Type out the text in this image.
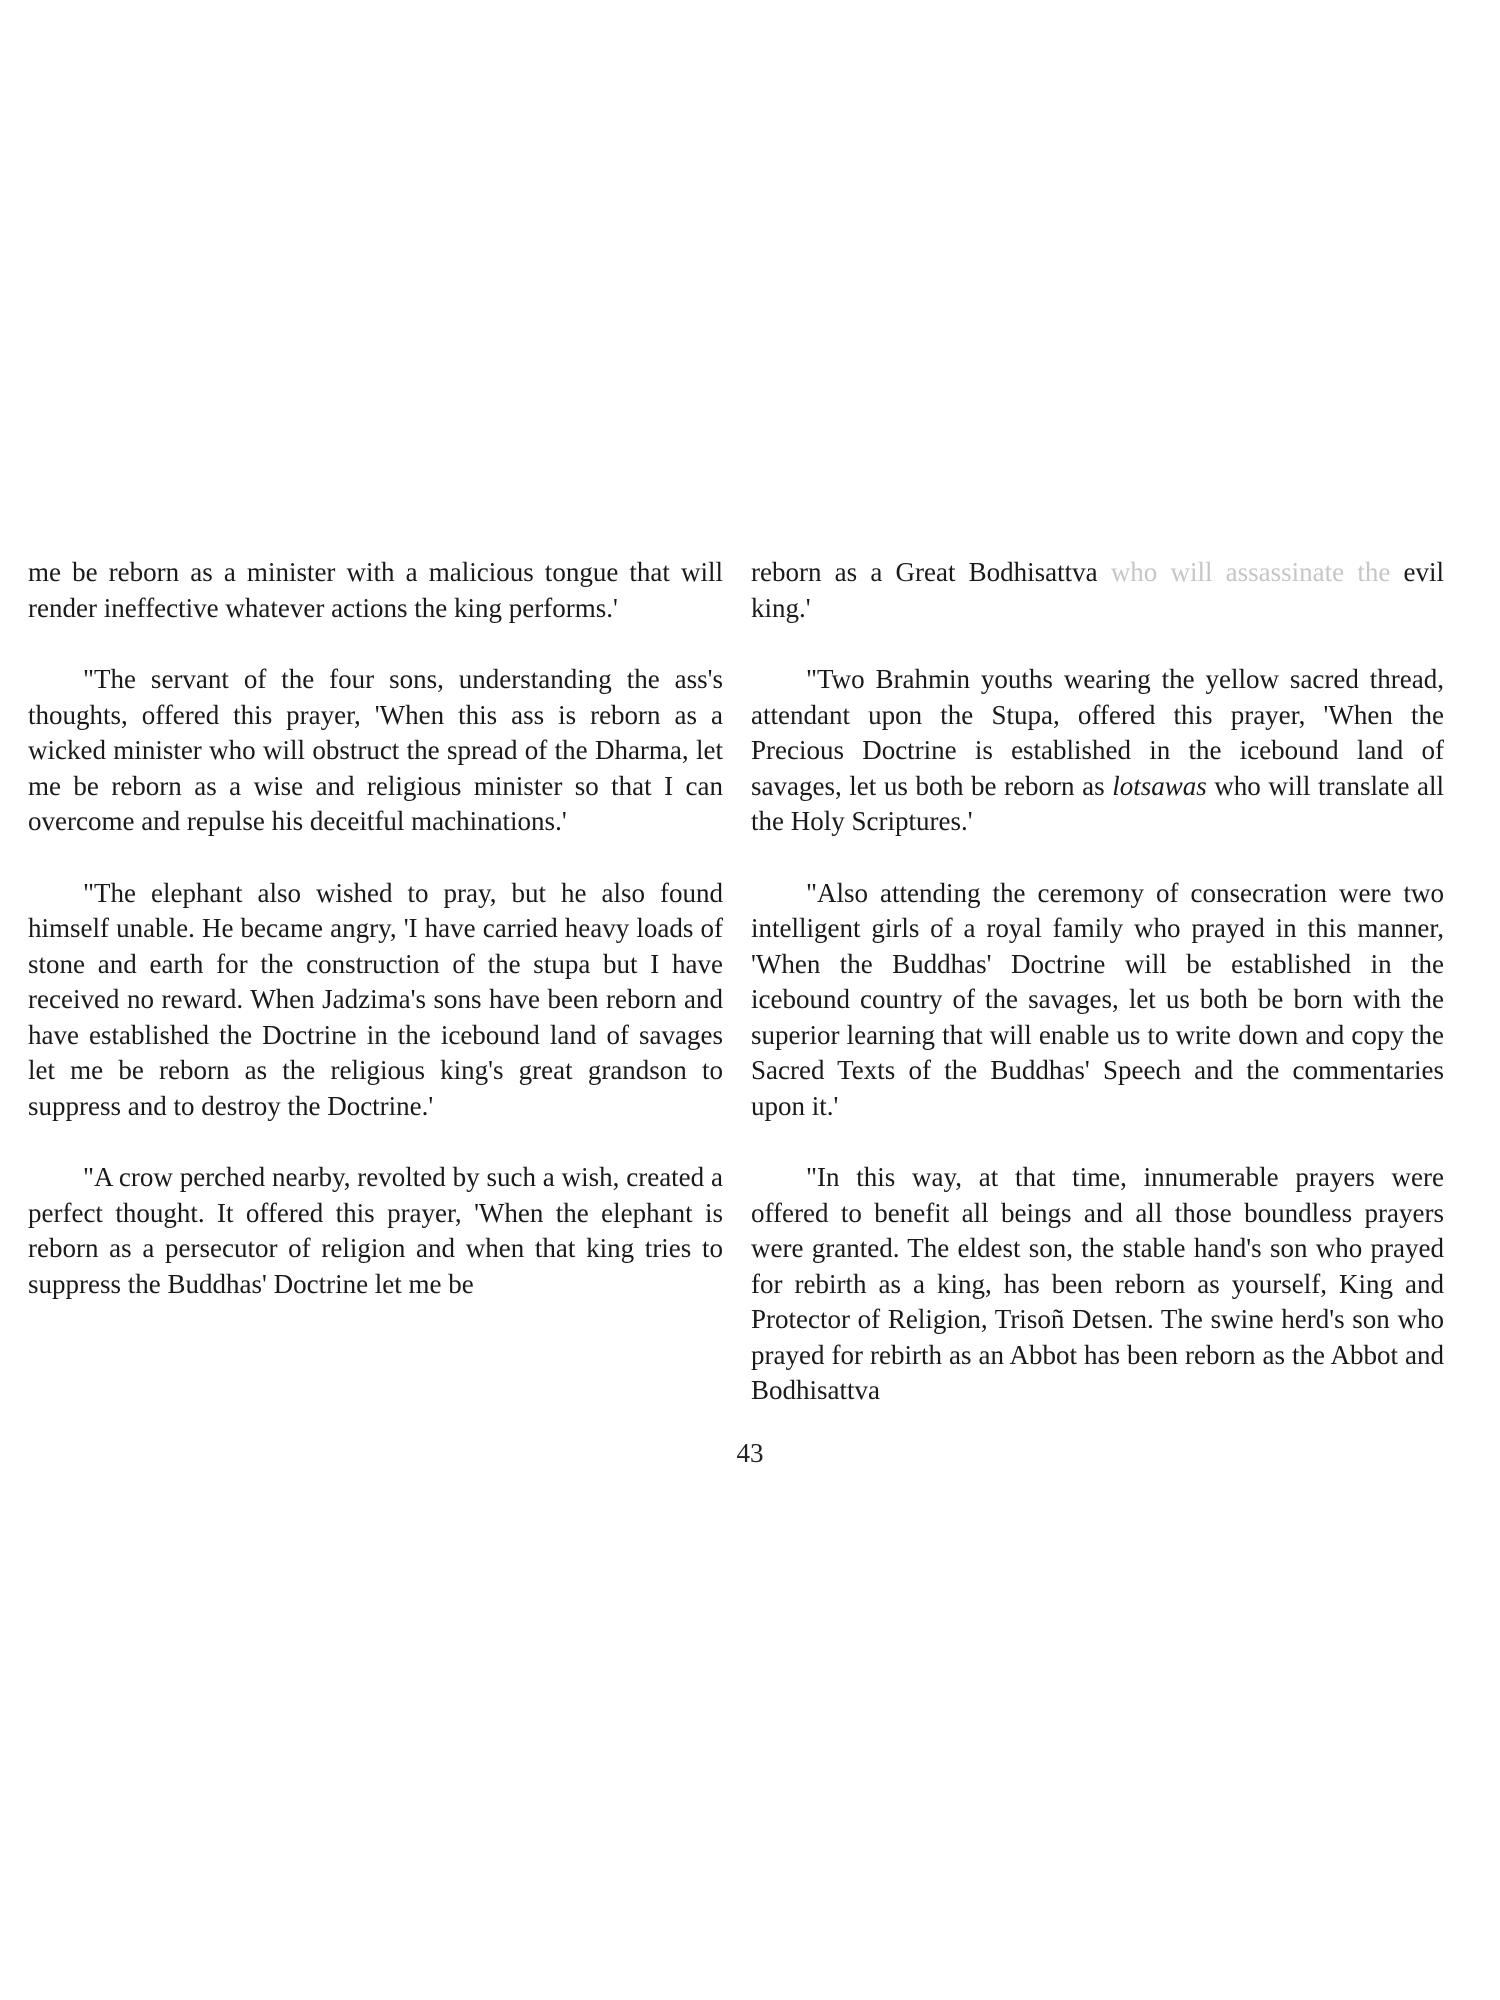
me be reborn as a minister with a malicious tongue that will render ineffective whatever actions the king performs.'

"The servant of the four sons, understanding the ass's thoughts, offered this prayer, 'When this ass is reborn as a wicked minister who will obstruct the spread of the Dharma, let me be reborn as a wise and religious minister so that I can overcome and repulse his deceitful machinations.'

"The elephant also wished to pray, but he also found himself unable. He became angry, 'I have carried heavy loads of stone and earth for the construction of the stupa but I have received no reward. When Jadzima's sons have been reborn and have established the Doctrine in the icebound land of savages let me be reborn as the religious king's great grandson to suppress and to destroy the Doctrine.'

"A crow perched nearby, revolted by such a wish, created a perfect thought. It offered this prayer, 'When the elephant is reborn as a persecutor of religion and when that king tries to suppress the Buddhas' Doctrine let me be

reborn as a Great Bodhisattva who will assassinate the evil king.'

"Two Brahmin youths wearing the yellow sacred thread, attendant upon the Stupa, offered this prayer, 'When the Precious Doctrine is established in the icebound land of savages, let us both be reborn as lotsawas who will translate all the Holy Scriptures.'

"Also attending the ceremony of consecration were two intelligent girls of a royal family who prayed in this manner, 'When the Buddhas' Doctrine will be established in the icebound country of the savages, let us both be born with the superior learning that will enable us to write down and copy the Sacred Texts of the Buddhas' Speech and the commentaries upon it.'

"In this way, at that time, innumerable prayers were offered to benefit all beings and all those boundless prayers were granted. The eldest son, the stable hand's son who prayed for rebirth as a king, has been reborn as yourself, King and Protector of Religion, Trisoñ Detsen. The swine herd's son who prayed for rebirth as an Abbot has been reborn as the Abbot and Bodhisattva

43
